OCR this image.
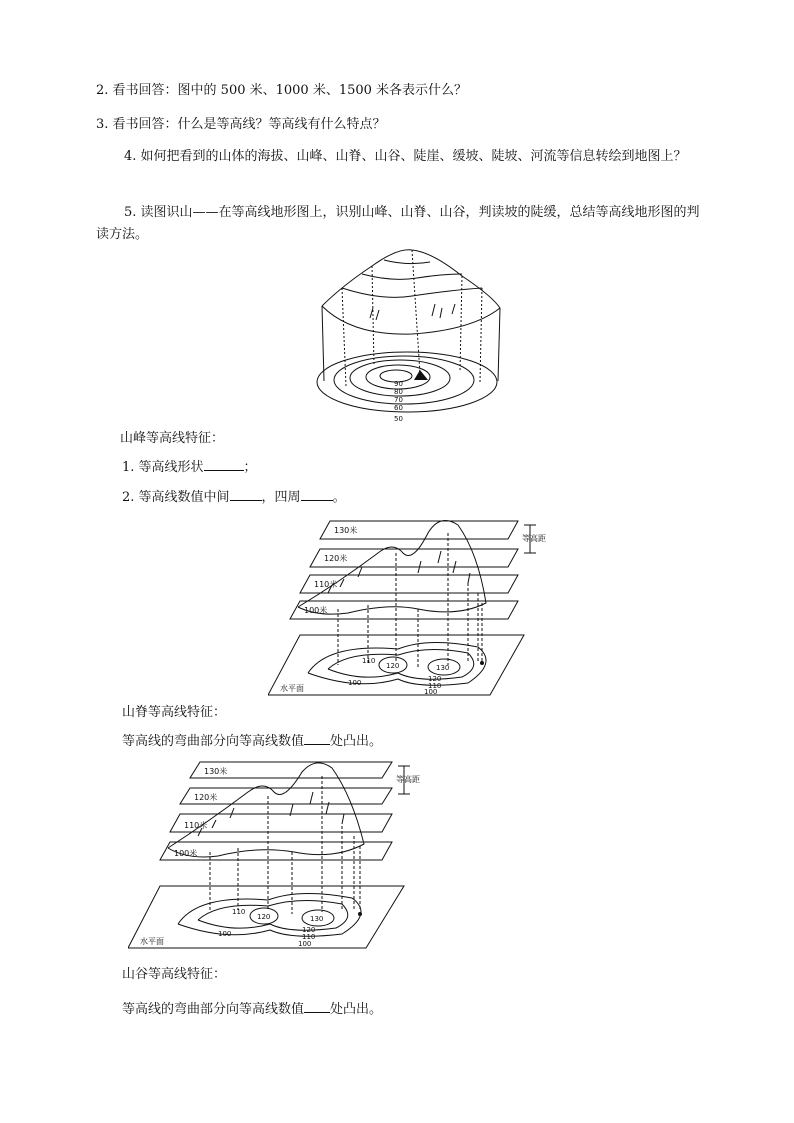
2. 看书回答：图中的 500 米、1000 米、1500 米各表示什么？

3. 看书回答：什么是等高线？等高线有什么特点？

4. 如何把看到的山体的海拔、山峰、山脊、山谷、陡崖、缓坡、陡坡、河流等信息转绘到地图上？

5. 读图识山——在等高线地形图上，识别山峰、山脊、山谷，判读坡的陡缓，总结等高线地形图的判读方法。

90
80
70
60
50

山峰等高线特征：

1. 等高线形状	；

2. 等高线数值中间 ，四周 。

130米
120米
110米
100米
等高距
水平面
120	130
110
120
110
100
100

山脊等高线特征：

等高线的弯曲部分向等高线数值 处凸出。

130米
120米
110米
100米
等高距
水平面
120	130
110
120
110
100
100

山谷等高线特征：

等高线的弯曲部分向等高线数值 处凸出。
